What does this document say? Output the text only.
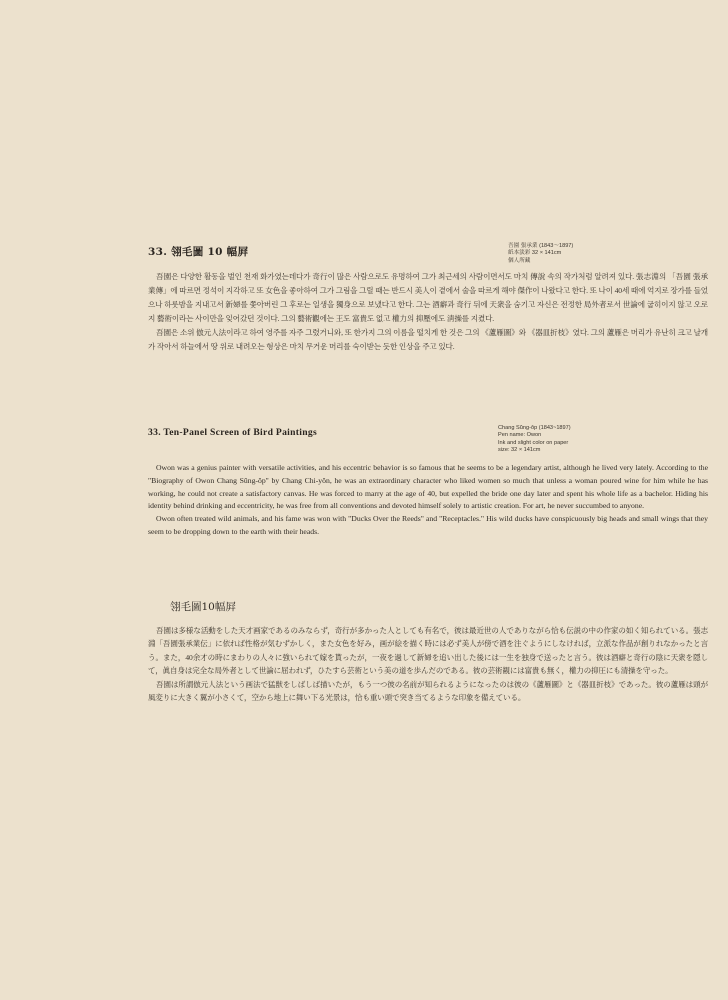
33. 翎毛圖 10 幅屛	吾園 張承業 (1843～1897)
紙本淡彩 32 × 141cm
個人所藏

吾園은 다양한 활동을 벌인 천재 화가였는데다가 奇行이 많은 사람으로도 유명하여 그가 최근세의 사람이면서도 마치 傳說 속의 작가처럼 알려져 있다. 張志淵의 「吾園 張承業傳」에 따르면 정석이 지각하고 또 女色을 좋아하여 그가 그림을 그릴 때는 반드시 美人이 곁에서 술을 따르게 해야 傑作이 나왔다고 한다. 또 나이 40세 때에 억지로 장가를 들었으나 하룻밤을 지내고서 新婦를 쫓아버린 그 후로는 일생을 獨身으로 보냈다고 한다. 그는 酒癖과 奇行 뒤에 天衆을 숨기고 자신은 전정한 局外者로서 世論에 굽히이지 않고 오로지 藝術이라는 사이만을 잊어갔던 것이다. 그의 藝術觀에는 王도 富貴도 없고 權力의 抑壓에도 淸操를 지켰다.

吾園은 소위 倣元人法이라고 하여 영주를 자주 그렸거니와, 또 한가지 그의 이름을 떨치게 한 것은 그의 《蘆雁圖》와 《器皿折枝》였다. 그의 蘆雁은 머리가 유난히 크고 날개가 작아서 하늘에서 땅 위로 내려오는 형상은 마치 무거운 머리를 숙이받는 듯한 인상을 주고 있다.

33. Ten-Panel Screen of Bird Paintings	Chang Sŭng-ŏp (1843~1897)
Pen name: Owon
Ink and slight color on paper
size: 32 × 141cm

Owon was a genius painter with versatile activities, and his eccentric behavior is so famous that he seems to be a legendary artist, although he lived very lately. According to the "Biography of Owon Chang Sŭng-ŏp" by Chang Chi-yŏn, he was an extraordinary character who liked women so much that unless a woman poured wine for him while he has working, he could not create a satisfactory canvas. He was forced to marry at the age of 40, but expelled the bride one day later and spent his whole life as a bachelor. Hiding his identity behind drinking and eccentricity, he was free from all conventions and devoted himself solely to artistic creation. For art, he never succumbed to anyone.

Owon often treated wild animals, and his fame was won with "Ducks Over the Reeds" and "Receptacles." His wild ducks have conspicuously big heads and small wings that they seem to be dropping down to the earth with their heads.

翎毛圖10幅屛

吾園は多様な活動をした天才画家であるのみならず，奇行が多かった人としても有名で，彼は最近世の人でありながら恰も伝説の中の作家の如く知られている。張志淵「吾園張承業伝」に依れば性格が気むずかしく，また女色を好み，画が絵を描く時には必ず美人が傍で酒を注ぐようにしなければ，立派な作品が創りれなかったと言う。また，40余才の時にまわりの人々に強いられて嫁を貰ったが，一夜を過して新婦を追い出した後には一生を独身で送ったと言う。彼は酒癖と奇行の陰に天衆を隠して，眞自身は完全な局外者として世論に屈われず，ひたすら芸術という美の道を歩んだのである。彼の芸術観には富貴も無く，權力の抑圧にも清操を守った。

吾園は所謂倣元人法という画法で猛獣をしばしば描いたが，もう一つ彼の名前が知られるようになったのは彼の《蘆雁圖》と《器皿折枝》であった。彼の蘆雁は頭が風変りに大きく翼が小さくて，空から地上に舞い下る光景は，恰も重い頭で突き当てるような印象を備えている。
